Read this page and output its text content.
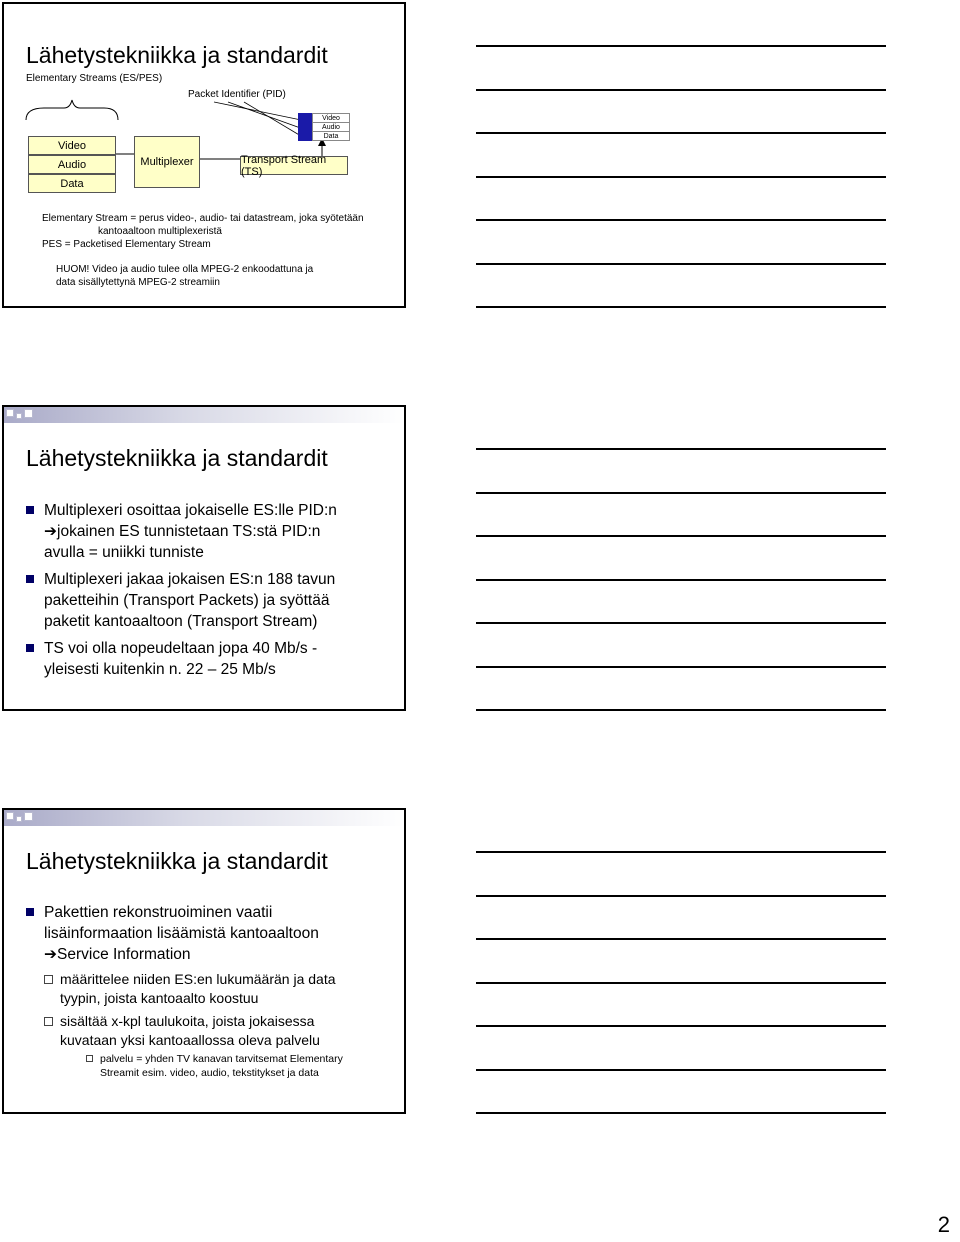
Lähetystekniikka ja standardit
Elementary Streams (ES/PES)
Packet Identifier (PID)
Video
Audio
Data
Multiplexer	Transport Stream (TS)
Video
Audio
Data
Elementary Stream = perus video-, audio- tai datastream, joka syötetään
kantoaaltoon multiplexeristä
PES = Packetised Elementary Stream
HUOM! Video ja audio tulee olla MPEG-2 enkoodattuna ja
data sisällytettynä MPEG-2 streamiin
Lähetystekniikka ja standardit
Multiplexeri osoittaa jokaiselle ES:lle PID:n
➔jokainen ES tunnistetaan TS:stä PID:n
avulla = uniikki tunniste
Multiplexeri jakaa jokaisen ES:n 188 tavun
paketteihin (Transport Packets) ja syöttää
paketit kantoaaltoon (Transport Stream)
TS voi olla nopeudeltaan jopa 40 Mb/s -
yleisesti kuitenkin n. 22 – 25 Mb/s
Lähetystekniikka ja standardit
Pakettien rekonstruoiminen vaatii
lisäinformaation lisäämistä kantoaaltoon
➔Service Information
määrittelee niiden ES:en lukumäärän ja data
tyypin, joista kantoaalto koostuu
sisältää x-kpl taulukoita, joista jokaisessa
kuvataan yksi kantoaallossa oleva palvelu
palvelu = yhden TV kanavan tarvitsemat Elementary
Streamit esim. video, audio, tekstitykset ja data
2
